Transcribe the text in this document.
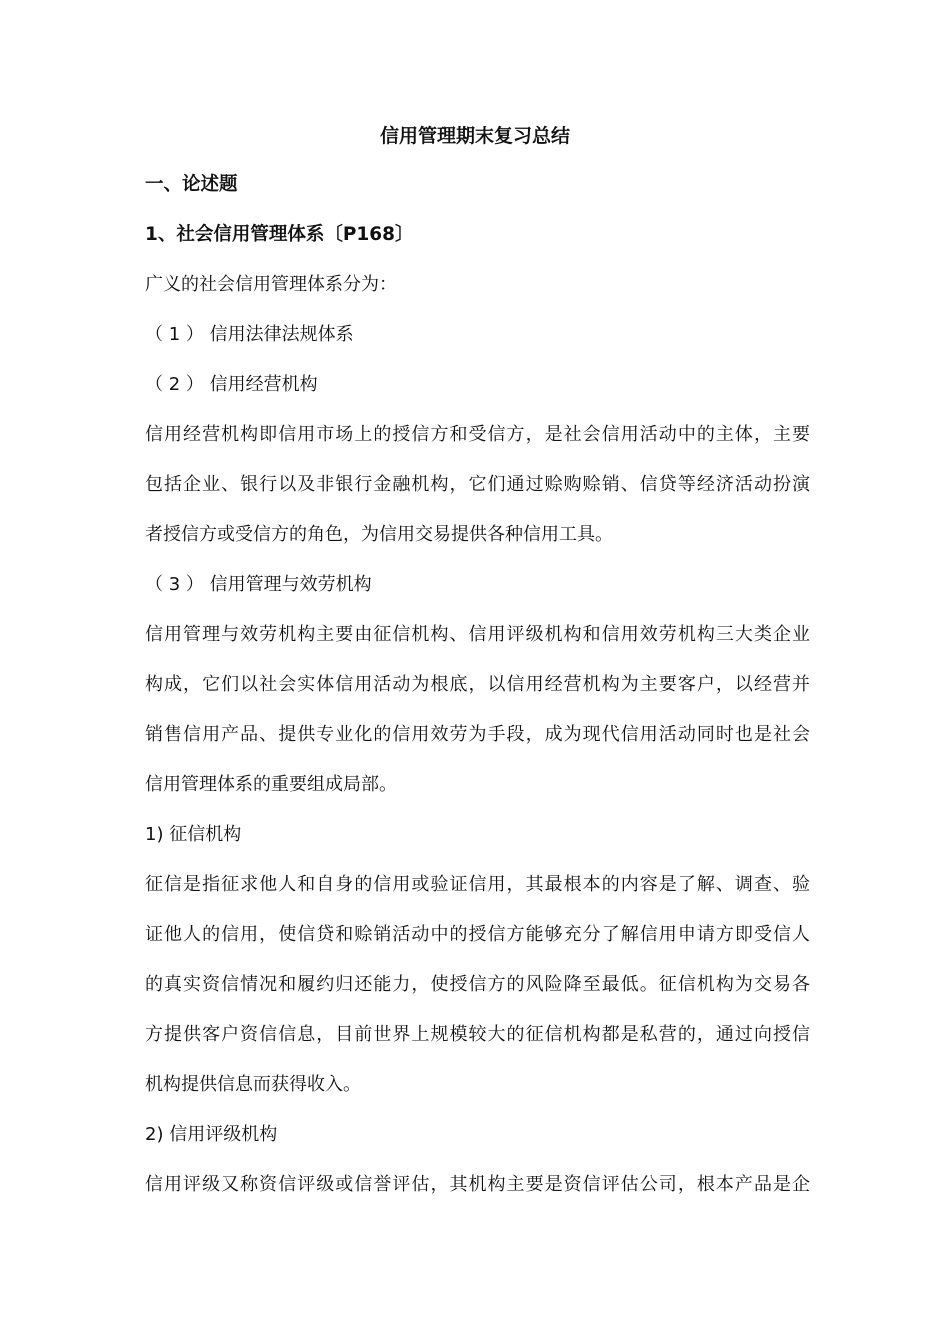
信用管理期末复习总结
一、论述题
1、社会信用管理体系〔P168〕
广义的社会信用管理体系分为：
（ 1 ） 信用法律法规体系
（ 2 ） 信用经营机构
信用经营机构即信用市场上的授信方和受信方，是社会信用活动中的主体，主要
包括企业、银行以及非银行金融机构，它们通过赊购赊销、信贷等经济活动扮演
者授信方或受信方的角色，为信用交易提供各种信用工具。
（ 3 ） 信用管理与效劳机构
信用管理与效劳机构主要由征信机构、信用评级机构和信用效劳机构三大类企业
构成，它们以社会实体信用活动为根底，以信用经营机构为主要客户，以经营并
销售信用产品、提供专业化的信用效劳为手段，成为现代信用活动同时也是社会
信用管理体系的重要组成局部。
1) 征信机构
征信是指征求他人和自身的信用或验证信用，其最根本的内容是了解、调查、验
证他人的信用，使信贷和赊销活动中的授信方能够充分了解信用申请方即受信人
的真实资信情况和履约归还能力，使授信方的风险降至最低。征信机构为交易各
方提供客户资信信息，目前世界上规模较大的征信机构都是私营的，通过向授信
机构提供信息而获得收入。
2) 信用评级机构
信用评级又称资信评级或信誉评估，其机构主要是资信评估公司，根本产品是企
